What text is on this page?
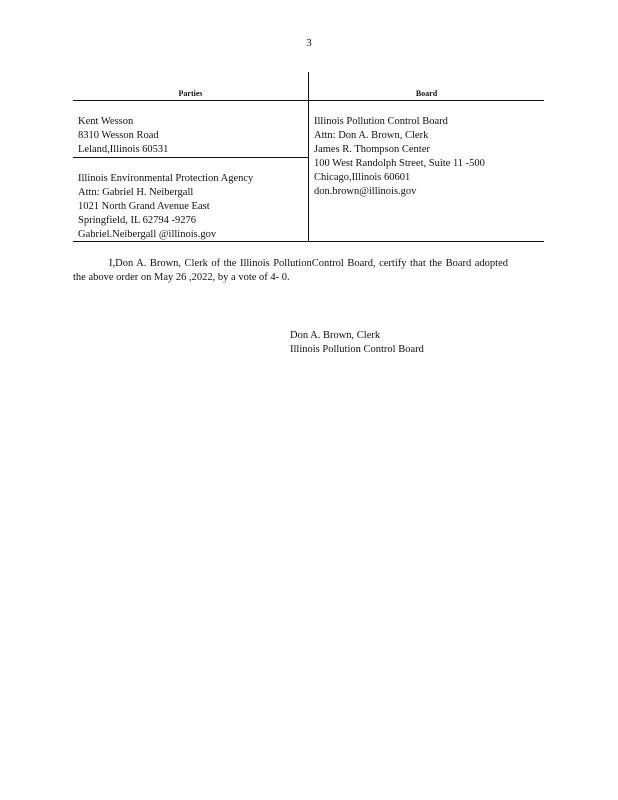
3
Parties	Board
Kent Wesson
8310 Wesson Road
Leland,Illinois 60531
Illinois Environmental Protection Agency
Attn: Gabriel H. Neibergall
1021 North Grand Avenue East
Springfield, IL 62794 -9276
Gabriel.Neibergall @illinois.gov
Illinois Pollution Control Board
Attn: Don A. Brown, Clerk
James R. Thompson Center
100 West Randolph Street, Suite 11 -500
Chicago,Illinois 60601
don.brown@illinois.gov

I,Don A. Brown, Clerk of the Illinois PollutionControl Board, certify that the Board adopted the above order on May 26 ,2022, by a vote of 4- 0.

Don A. Brown, Clerk
Illinois Pollution Control Board
